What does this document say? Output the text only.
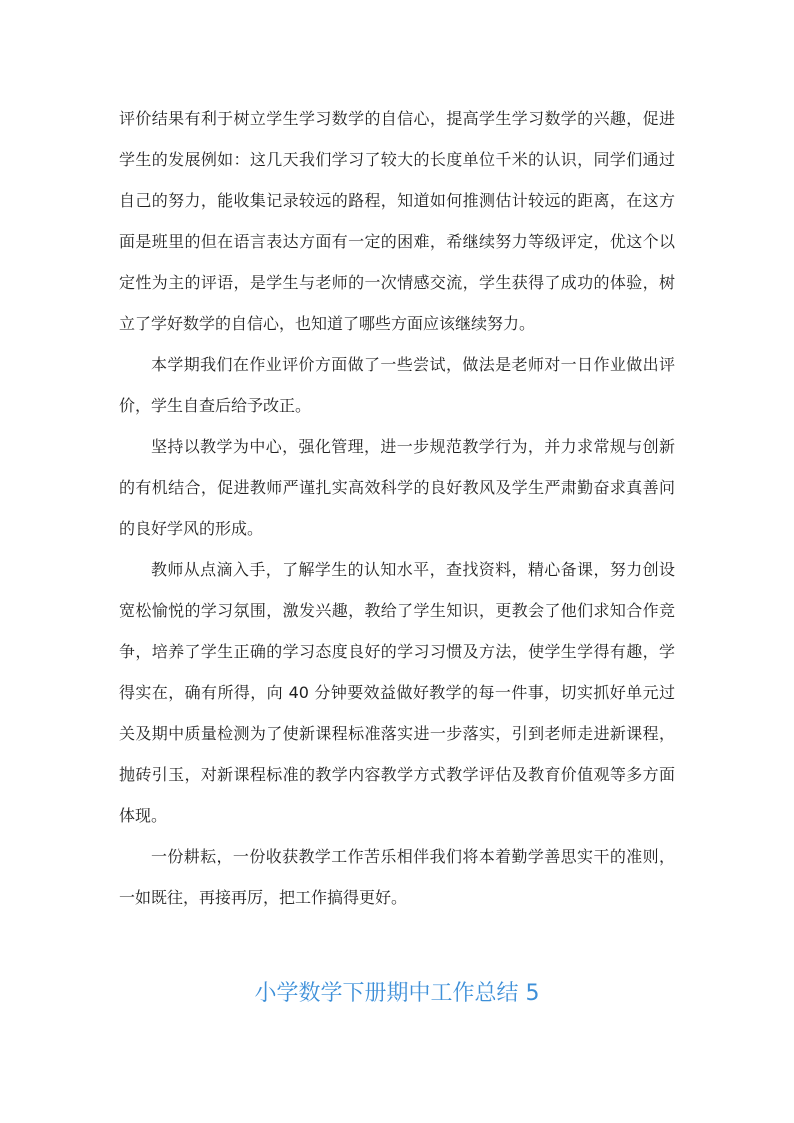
评价结果有利于树立学生学习数学的自信心，提高学生学习数学的兴趣，促进学生的发展例如：这几天我们学习了较大的长度单位千米的认识，同学们通过自己的努力，能收集记录较远的路程，知道如何推测估计较远的距离，在这方面是班里的但在语言表达方面有一定的困难，希继续努力等级评定，优这个以定性为主的评语，是学生与老师的一次情感交流，学生获得了成功的体验，树立了学好数学的自信心，也知道了哪些方面应该继续努力。

本学期我们在作业评价方面做了一些尝试，做法是老师对一日作业做出评价，学生自查后给予改正。

坚持以教学为中心，强化管理，进一步规范教学行为，并力求常规与创新的有机结合，促进教师严谨扎实高效科学的良好教风及学生严肃勤奋求真善问的良好学风的形成。

教师从点滴入手，了解学生的认知水平，查找资料，精心备课，努力创设宽松愉悦的学习氛围，激发兴趣，教给了学生知识，更教会了他们求知合作竞争，培养了学生正确的学习态度良好的学习习惯及方法，使学生学得有趣，学得实在，确有所得，向 40 分钟要效益做好教学的每一件事，切实抓好单元过关及期中质量检测为了使新课程标准落实进一步落实，引到老师走进新课程，抛砖引玉，对新课程标准的教学内容教学方式教学评估及教育价值观等多方面体现。

一份耕耘，一份收获教学工作苦乐相伴我们将本着勤学善思实干的准则，一如既往，再接再厉，把工作搞得更好。

小学数学下册期中工作总结 5
